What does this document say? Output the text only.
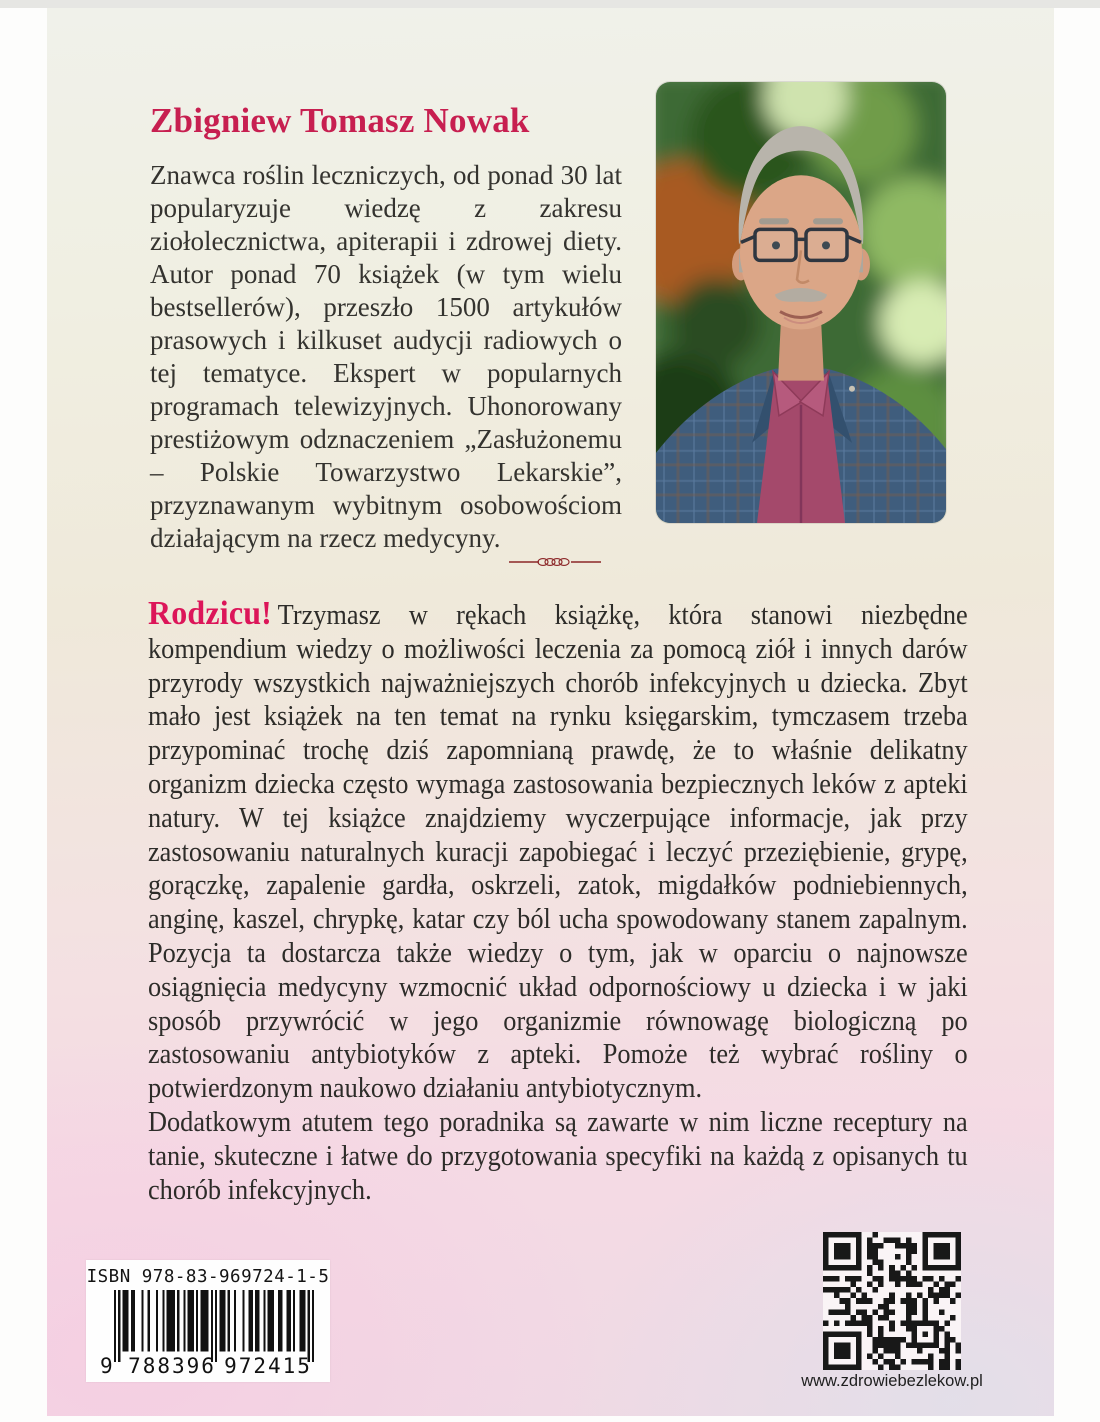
Zbigniew Tomasz Nowak

Znawca roślin leczniczych, od ponad 30 lat popularyzuje wiedzę z zakresu ziołolecznictwa, apiterapii i zdrowej diety. Autor ponad 70 książek (w tym wielu bestsellerów), przeszło 1500 artykułów prasowych i kilkuset audycji radiowych o tej tematyce. Ekspert w popularnych programach telewizyjnych. Uhonorowany prestiżowym odznaczeniem „Zasłużonemu – Polskie Towarzystwo Lekarskie”, przyznawanym wybitnym osobowościom działającym na rzecz medycyny.

Rodzicu! Trzymasz w rękach książkę, która stanowi niezbędne kompendium wiedzy o możliwości leczenia za pomocą ziół i innych darów przyrody wszystkich najważniejszych chorób infekcyjnych u dziecka. Zbyt mało jest książek na ten temat na rynku księgarskim, tymczasem trzeba przypominać trochę dziś zapomnianą prawdę, że to właśnie delikatny organizm dziecka często wymaga zastosowania bezpiecznych leków z apteki natury. W tej książce znajdziemy wyczerpujące informacje, jak przy zastosowaniu naturalnych kuracji zapobiegać i leczyć przeziębienie, grypę, gorączkę, zapalenie gardła, oskrzeli, zatok, migdałków podniebiennych, anginę, kaszel, chrypkę, katar czy ból ucha spowodowany stanem zapalnym. Pozycja ta dostarcza także wiedzy o tym, jak w oparciu o najnowsze osiągnięcia medycyny wzmocnić układ odpornościowy u dziecka i w jaki sposób przywrócić w jego organizmie równowagę biologiczną po zastosowaniu antybiotyków z apteki. Pomoże też wybrać rośliny o potwierdzonym naukowo działaniu antybiotycznym.

Dodatkowym atutem tego poradnika są zawarte w nim liczne receptury na tanie, skuteczne i łatwe do przygotowania specyfiki na każdą z opisanych tu chorób infekcyjnych.

ISBN 978-83-969724-1-5
9 788396 972415
www.zdrowiebezlekow.pl
